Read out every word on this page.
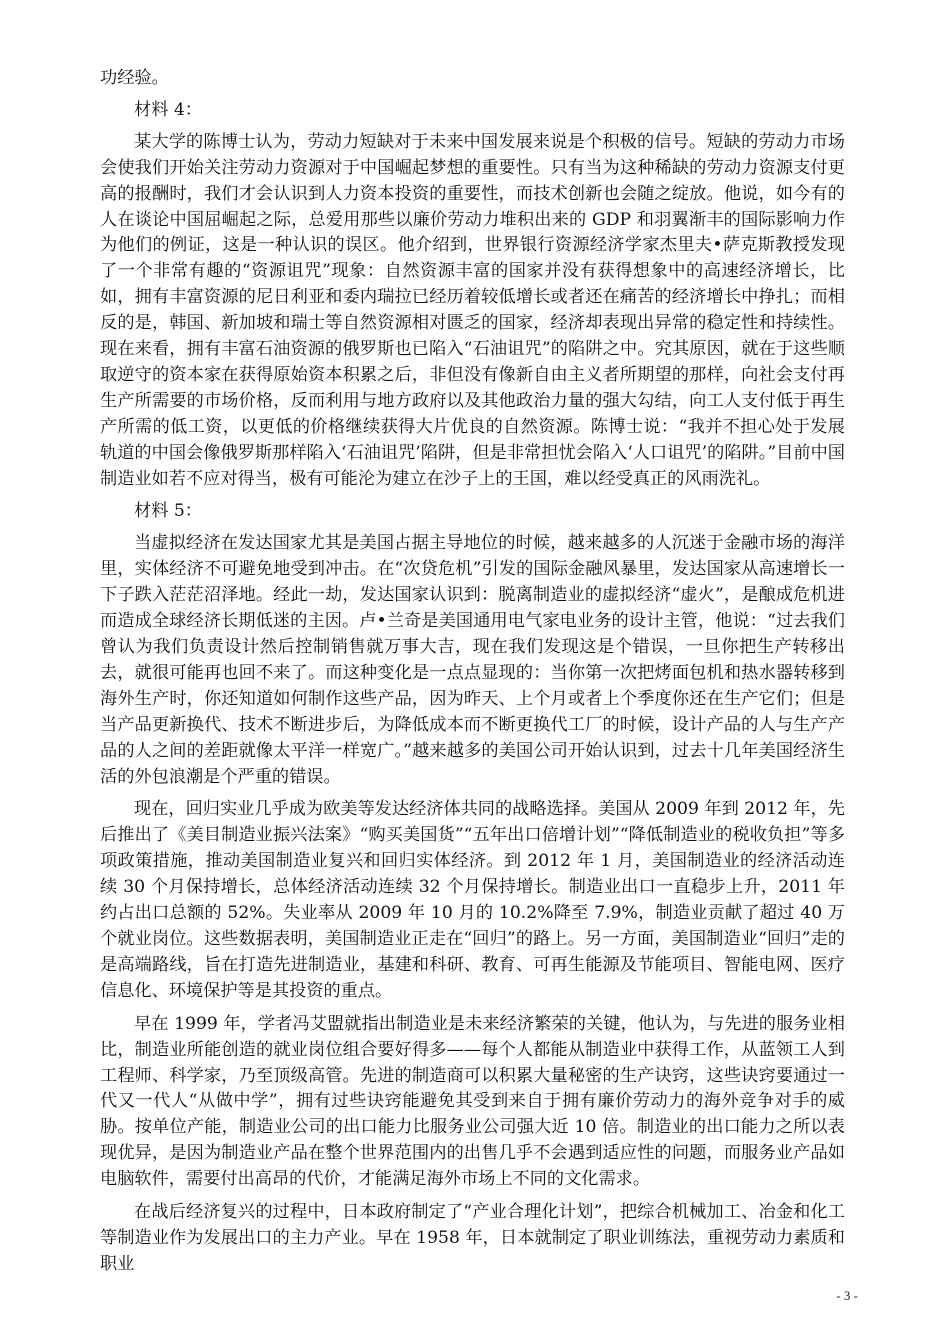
功经验。

材料 4：

某大学的陈博士认为，劳动力短缺对于未来中国发展来说是个积极的信号。短缺的劳动力市场会使我们开始关注劳动力资源对于中国崛起梦想的重要性。只有当为这种稀缺的劳动力资源支付更高的报酬时，我们才会认识到人力资本投资的重要性，而技术创新也会随之绽放。他说，如今有的人在谈论中国屈崛起之际，总爱用那些以廉价劳动力堆积出来的 GDP 和羽翼渐丰的国际影响力作为他们的例证，这是一种认识的误区。他介绍到，世界银行资源经济学家杰里夫•萨克斯教授发现了一个非常有趣的“资源诅咒”现象：自然资源丰富的国家并没有获得想象中的高速经济增长，比如，拥有丰富资源的尼日利亚和委内瑞拉已经历着较低增长或者还在痛苦的经济增长中挣扎；而相反的是，韩国、新加坡和瑞士等自然资源相对匮乏的国家，经济却表现出异常的稳定性和持续性。现在来看，拥有丰富石油资源的俄罗斯也已陷入“石油诅咒”的陷阱之中。究其原因，就在于这些顺取逆守的资本家在获得原始资本积累之后，非但没有像新自由主义者所期望的那样，向社会支付再生产所需要的市场价格，反而利用与地方政府以及其他政治力量的强大勾结，向工人支付低于再生产所需的低工资，以更低的价格继续获得大片优良的自然资源。陈博士说：“我并不担心处于发展轨道的中国会像俄罗斯那样陷入‘石油诅咒’陷阱，但是非常担忧会陷入‘人口诅咒’的陷阱。”目前中国制造业如若不应对得当，极有可能沦为建立在沙子上的王国，难以经受真正的风雨洗礼。

材料 5：

当虚拟经济在发达国家尤其是美国占据主导地位的时候，越来越多的人沉迷于金融市场的海洋里，实体经济不可避免地受到冲击。在“次贷危机”引发的国际金融风暴里，发达国家从高速增长一下子跌入茫茫沼泽地。经此一劫，发达国家认识到：脱离制造业的虚拟经济“虚火”，是酿成危机进而造成全球经济长期低迷的主因。卢•兰奇是美国通用电气家电业务的设计主管，他说：“过去我们曾认为我们负责设计然后控制销售就万事大吉，现在我们发现这是个错误，一旦你把生产转移出去，就很可能再也回不来了。而这种变化是一点点显现的：当你第一次把烤面包机和热水器转移到海外生产时，你还知道如何制作这些产品，因为昨天、上个月或者上个季度你还在生产它们；但是当产品更新换代、技术不断进步后，为降低成本而不断更换代工厂的时候，设计产品的人与生产产品的人之间的差距就像太平洋一样宽广。”越来越多的美国公司开始认识到，过去十几年美国经济生活的外包浪潮是个严重的错误。

现在，回归实业几乎成为欧美等发达经济体共同的战略选择。美国从 2009 年到 2012 年，先后推出了《美目制造业振兴法案》“购买美国货”“五年出口倍增计划”“降低制造业的税收负担”等多项政策措施，推动美国制造业复兴和回归实体经济。到 2012 年 1 月，美国制造业的经济活动连续 30 个月保持增长，总体经济活动连续 32 个月保持增长。制造业出口一直稳步上升，2011 年约占出口总额的 52%。失业率从 2009 年 10 月的 10.2%降至 7.9%，制造业贡献了超过 40 万个就业岗位。这些数据表明，美国制造业正走在“回归”的路上。另一方面，美国制造业“回归”走的是高端路线，旨在打造先进制造业，基建和科研、教育、可再生能源及节能项目、智能电网、医疗信息化、环境保护等是其投资的重点。

早在 1999 年，学者冯艾盟就指出制造业是未来经济繁荣的关键，他认为，与先进的服务业相比，制造业所能创造的就业岗位组合要好得多——每个人都能从制造业中获得工作，从蓝领工人到工程师、科学家，乃至顶级高管。先进的制造商可以积累大量秘密的生产诀窍，这些诀窍要通过一代又一代人“从做中学”，拥有过些诀窍能避免其受到来自于拥有廉价劳动力的海外竞争对手的威胁。按单位产能，制造业公司的出口能力比服务业公司强大近 10 倍。制造业的出口能力之所以表现优异，是因为制造业产品在整个世界范围内的出售几乎不会遇到适应性的问题，而服务业产品如电脑软件，需要付出高昂的代价，才能满足海外市场上不同的文化需求。

在战后经济复兴的过程中，日本政府制定了“产业合理化计划”，把综合机械加工、冶金和化工等制造业作为发展出口的主力产业。早在 1958 年，日本就制定了职业训练法，重视劳动力素质和职业

- 3 -
